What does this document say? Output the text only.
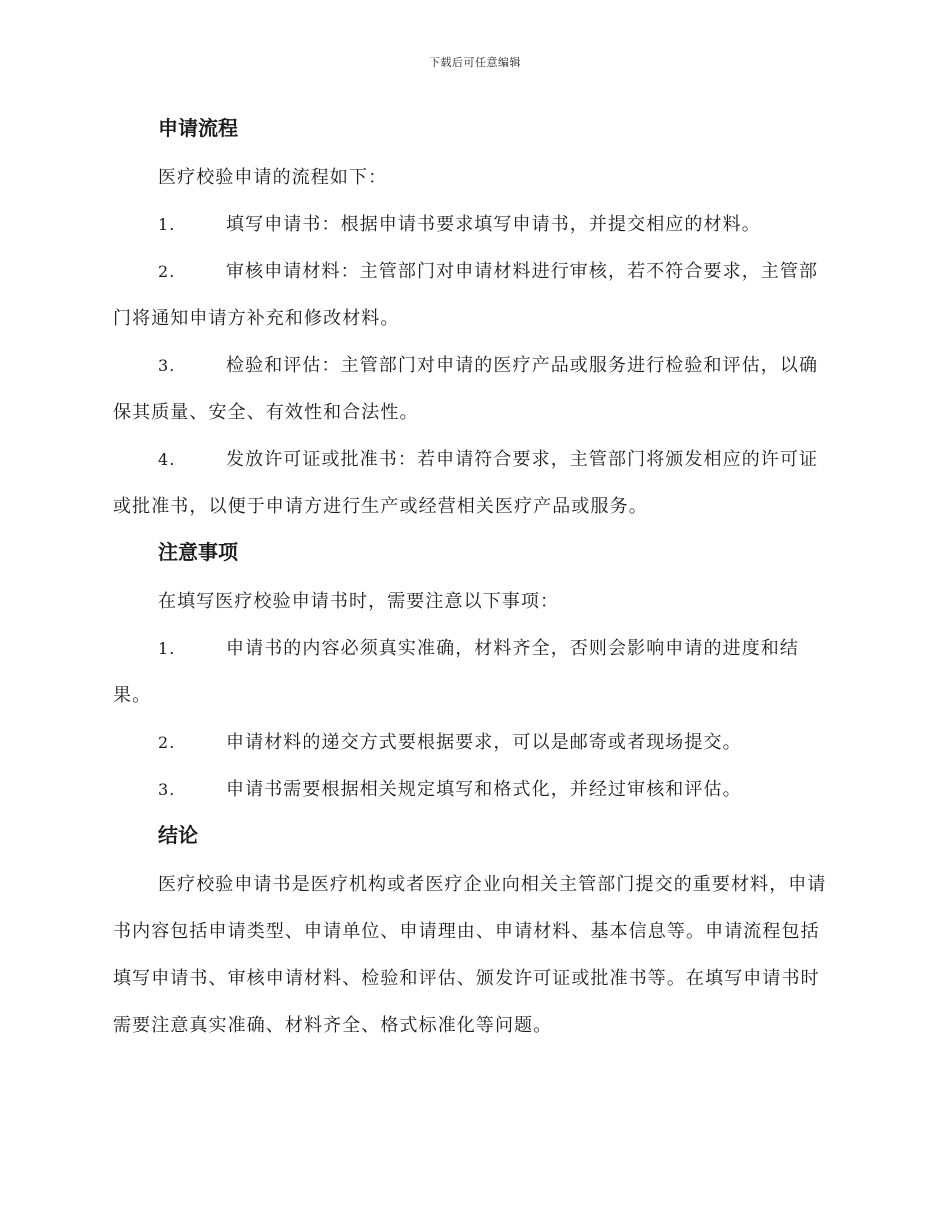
下载后可任意编辑
申请流程

医疗校验申请的流程如下：

1.	填写申请书：根据申请书要求填写申请书，并提交相应的材料。

2.	审核申请材料：主管部门对申请材料进行审核，若不符合要求，主管部门将通知申请方补充和修改材料。

3.	检验和评估：主管部门对申请的医疗产品或服务进行检验和评估，以确保其质量、安全、有效性和合法性。

4.	发放许可证或批准书：若申请符合要求，主管部门将颁发相应的许可证或批准书，以便于申请方进行生产或经营相关医疗产品或服务。

注意事项

在填写医疗校验申请书时，需要注意以下事项：

1.	申请书的内容必须真实准确，材料齐全，否则会影响申请的进度和结果。

2.	申请材料的递交方式要根据要求，可以是邮寄或者现场提交。

3.	申请书需要根据相关规定填写和格式化，并经过审核和评估。

结论

医疗校验申请书是医疗机构或者医疗企业向相关主管部门提交的重要材料，申请书内容包括申请类型、申请单位、申请理由、申请材料、基本信息等。申请流程包括填写申请书、审核申请材料、检验和评估、颁发许可证或批准书等。在填写申请书时需要注意真实准确、材料齐全、格式标准化等问题。
